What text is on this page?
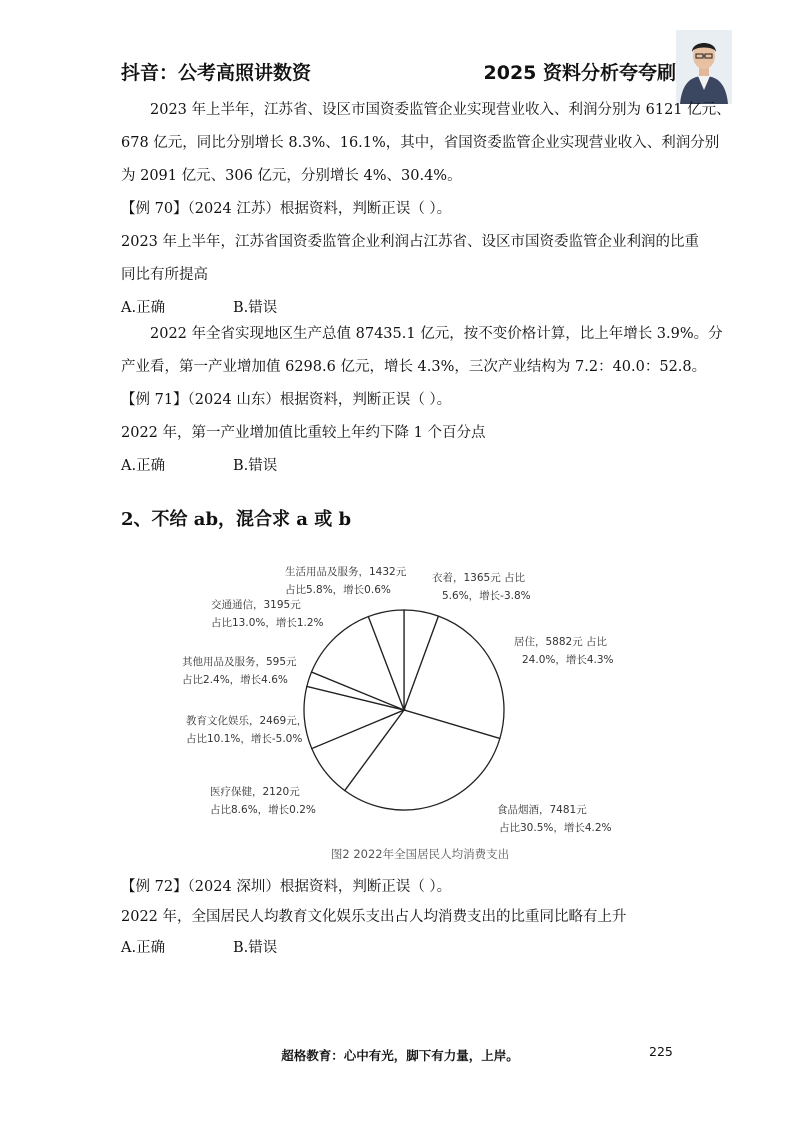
抖音：公考高照讲数资	2025 资料分析夸夸刷
2023 年上半年，江苏省、设区市国资委监管企业实现营业收入、利润分别为 6121 亿元、
678 亿元，同比分别增长 8.3%、16.1%，其中，省国资委监管企业实现营业收入、利润分别
为 2091 亿元、306 亿元，分别增长 4%、30.4%。
【例 70】（2024 江苏）根据资料，判断正误（ ）。
2023 年上半年，江苏省国资委监管企业利润占江苏省、设区市国资委监管企业利润的比重
同比有所提高
A.正确	B.错误
2022 年全省实现地区生产总值 87435.1 亿元，按不变价格计算，比上年增长 3.9%。分
产业看，第一产业增加值 6298.6 亿元，增长 4.3%，三次产业结构为 7.2：40.0：52.8。
【例 71】（2024 山东）根据资料，判断正误（ ）。
2022 年，第一产业增加值比重较上年约下降 1 个百分点
A.正确	B.错误
2、不给 ab，混合求 a 或 b
衣着，1365元 占比
5.6%，增长-3.8%
居住，5882元 占比
24.0%，增长4.3%
食品烟酒，7481元
占比30.5%，增长4.2%
医疗保健，2120元
占比8.6%，增长0.2%
教育文化娱乐，2469元，
占比10.1%，增长-5.0%
其他用品及服务，595元
占比2.4%，增长4.6%
交通通信，3195元
占比13.0%，增长1.2%
生活用品及服务，1432元
占比5.8%，增长0.6%
图2 2022年全国居民人均消费支出
【例 72】（2024 深圳）根据资料，判断正误（ ）。
2022 年，全国居民人均教育文化娱乐支出占人均消费支出的比重同比略有上升
A.正确	B.错误
超格教育：心中有光，脚下有力量，上岸。	225
